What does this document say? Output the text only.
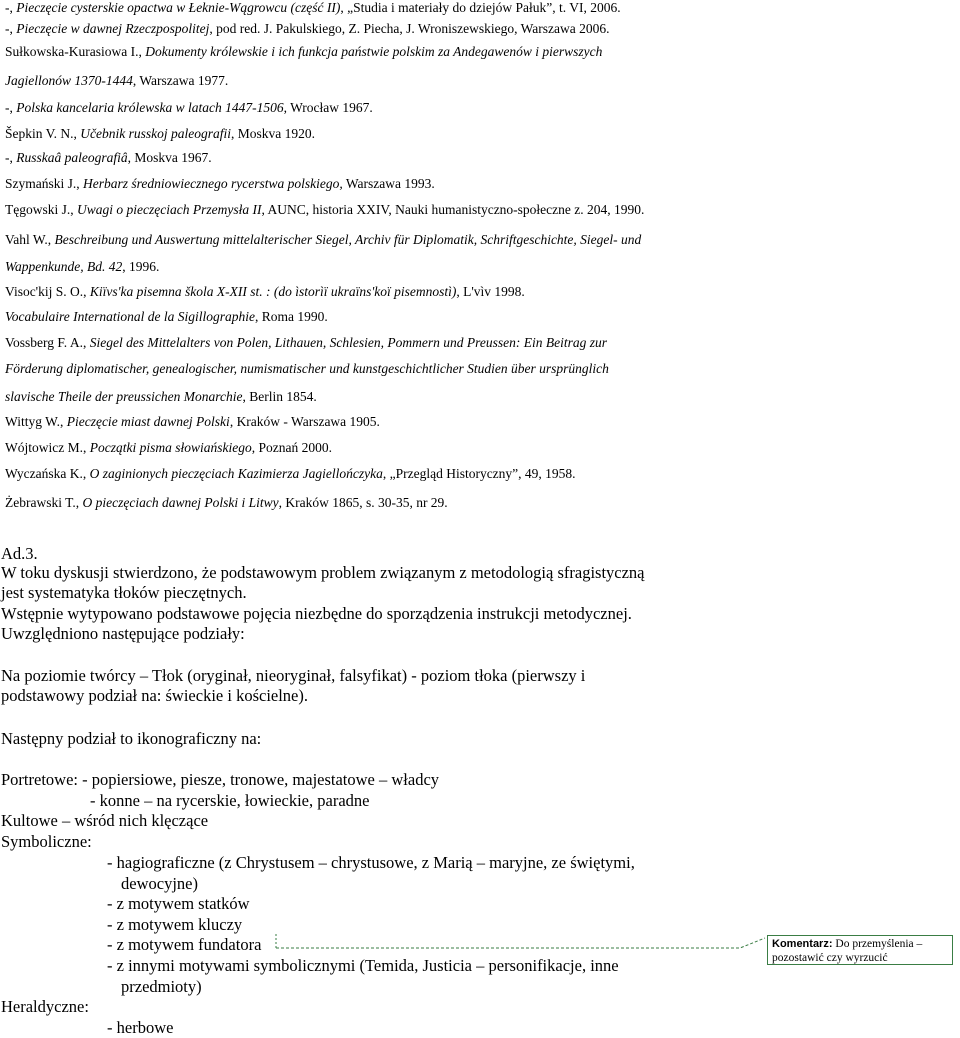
-, Pieczęcie cysterskie opactwa w Łeknie-Wągrowcu (część II), „Studia i materiały do dziejów Pałuk”, t. VI, 2006.
-, Pieczęcie w dawnej Rzeczpospolitej, pod red. J. Pakulskiego, Z. Piecha, J. Wroniszewskiego, Warszawa 2006.
Sułkowska-Kurasiowa I., Dokumenty królewskie i ich funkcja państwie polskim za Andegawenów i pierwszych
Jagiellonów 1370-1444, Warszawa 1977.
-, Polska kancelaria królewska w latach 1447-1506, Wrocław 1967.
Šepkin V. N., Učebnik russkoj paleografii, Moskva 1920.
-, Russkaâ paleografiâ, Moskva 1967.
Szymański J., Herbarz średniowiecznego rycerstwa polskiego, Warszawa 1993.
Tęgowski J., Uwagi o pieczęciach Przemysła II, AUNC, historia XXIV, Nauki humanistyczno-społeczne z. 204, 1990.
Vahl W., Beschreibung und Auswertung mittelalterischer Siegel, Archiv für Diplomatik, Schriftgeschichte, Siegel- und
Wappenkunde, Bd. 42, 1996.
Visoc'kij S. O., Kiïvs'ka pisemna škola X-XII st. : (do ìstorìï ukraïns'koï pisemnostì), L'vìv 1998.
Vocabulaire International de la Sigillographie, Roma 1990.
Vossberg F. A., Siegel des Mittelalters von Polen, Lithauen, Schlesien, Pommern und Preussen: Ein Beitrag zur
Förderung diplomatischer, genealogischer, numismatischer und kunstgeschichtlicher Studien über ursprünglich
slavische Theile der preussichen Monarchie, Berlin 1854.
Wittyg W., Pieczęcie miast dawnej Polski, Kraków - Warszawa 1905.
Wójtowicz M., Początki pisma słowiańskiego, Poznań 2000.
Wyczańska K., O zaginionych pieczęciach Kazimierza Jagiellończyka, „Przegląd Historyczny”, 49, 1958.
Żebrawski T., O pieczęciach dawnej Polski i Litwy, Kraków 1865, s. 30-35, nr 29.
Ad.3.
W toku dyskusji stwierdzono, że podstawowym problem związanym z metodologią sfragistyczną
jest systematyka tłoków pieczętnych.
Wstępnie wytypowano podstawowe pojęcia niezbędne do sporządzenia instrukcji metodycznej.
Uwzględniono następujące podziały:
Na poziomie twórcy – Tłok (oryginał, nieoryginał, falsyfikat) - poziom tłoka (pierwszy i
podstawowy podział na: świeckie i kościelne).
Następny podział to ikonograficzny na:
Portretowe: - popiersiowe, piesze, tronowe, majestatowe – władcy
- konne – na rycerskie, łowieckie, paradne
Kultowe – wśród nich klęczące
Symboliczne:
- hagiograficzne (z Chrystusem – chrystusowe, z Marią – maryjne, ze świętymi,
dewocyjne)
- z motywem statków
- z motywem kluczy
- z motywem fundatora
- z innymi motywami symbolicznymi (Temida, Justicia – personifikacje, inne
przedmioty)
Heraldyczne:
- herbowe
Komentarz: Do przemyślenia – pozostawić czy wyrzucić
